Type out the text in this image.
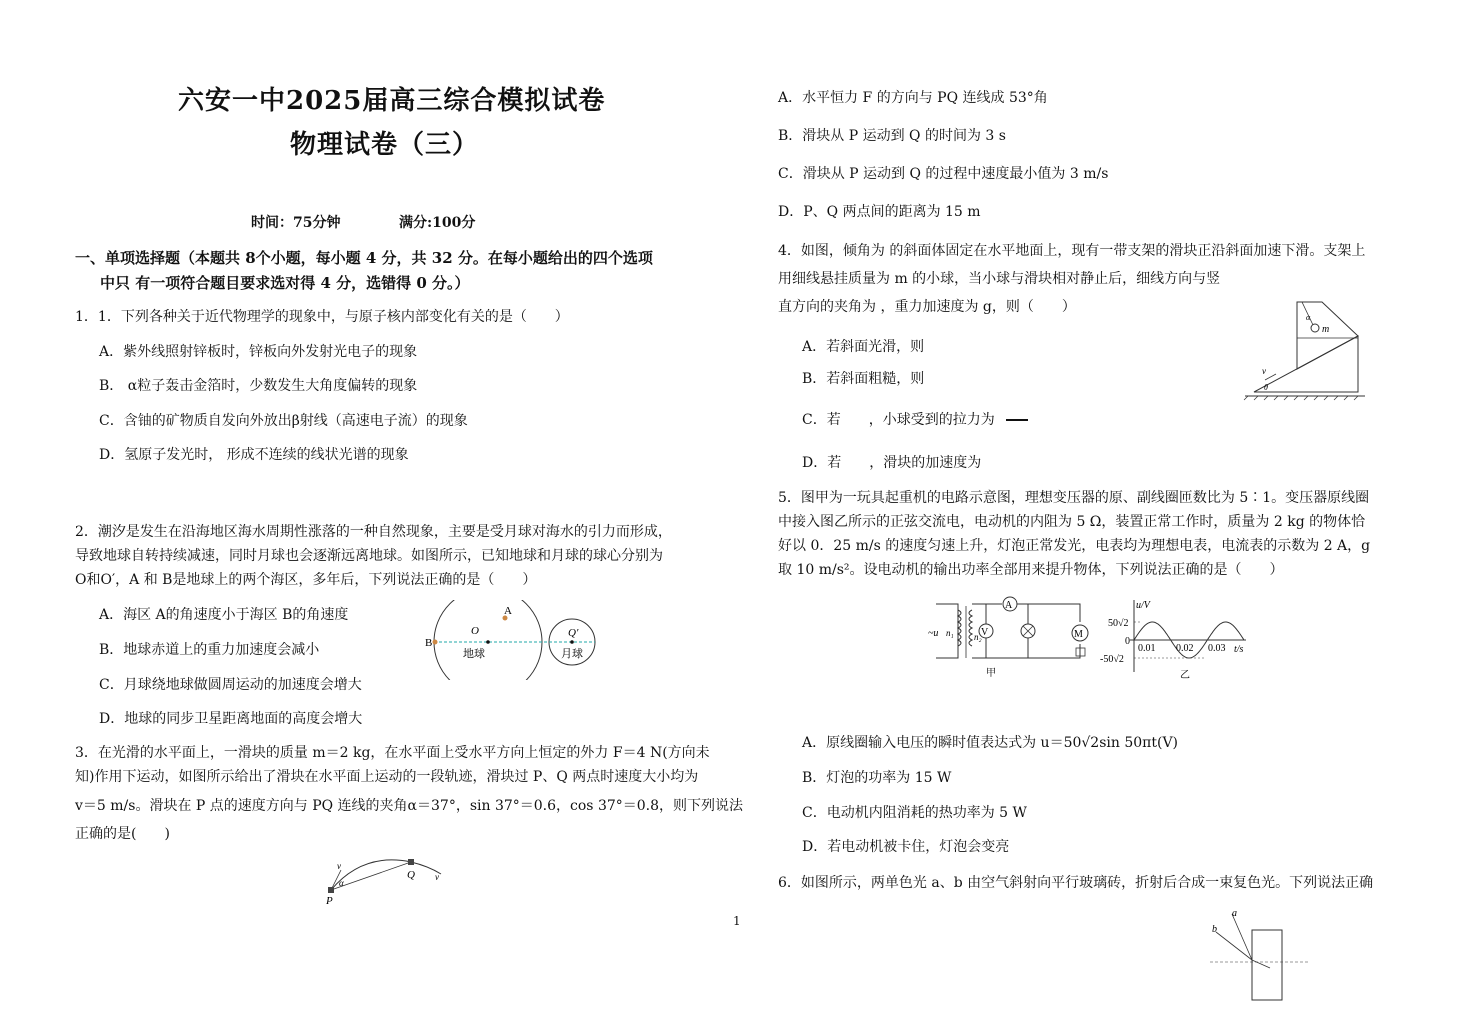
六安一中2025届高三综合模拟试卷
物理试卷（三）
时间：75分钟	满分:100分
一、单项选择题（本题共 8个小题，每小题 4 分，共 32 分。在每小题给出的四个选项
中只 有一项符合题目要求选对得 4 分，选错得 0 分。）
1．1．下列各种关于近代物理学的现象中，与原子核内部变化有关的是（　　）
A．紫外线照射锌板时，锌板向外发射光电子的现象
B． α粒子轰击金箔时，少数发生大角度偏转的现象
C．含铀的矿物质自发向外放出β射线（高速电子流）的现象
D．氢原子发光时， 形成不连续的线状光谱的现象
2．潮汐是发生在沿海地区海水周期性涨落的一种自然现象，主要是受月球对海水的引力而形成，
导致地球自转持续减速，同时月球也会逐渐远离地球。如图所示，已知地球和月球的球心分别为
O和O′，A 和 B是地球上的两个海区，多年后，下列说法正确的是（　　）
A．海区 A的角速度小于海区 B的角速度
B．地球赤道上的重力加速度会减小
C．月球绕地球做圆周运动的加速度会增大
D．地球的同步卫星距离地面的高度会增大
O	Q′
A
B
地球	月球
3．在光滑的水平面上，一滑块的质量 m＝2 kg，在水平面上受水平方向上恒定的外力 F＝4 N(方向未
知)作用下运动，如图所示给出了滑块在水平面上运动的一段轨迹，滑块过 P、Q 两点时速度大小均为
v＝5 m/s。滑块在 P 点的速度方向与 PQ 连线的夹角α＝37°，sin 37°＝0.6，cos 37°＝0.8，则下列说法
正确的是(　　)
P
Q
v
v
α
A．水平恒力 F 的方向与 PQ 连线成 53°角
B．滑块从 P 运动到 Q 的时间为 3 s
C．滑块从 P 运动到 Q 的过程中速度最小值为 3 m/s
D．P、Q 两点间的距离为 15 m
4．如图，倾角为 的斜面体固定在水平地面上，现有一带支架的滑块正沿斜面加速下滑。支架上
用细线悬挂质量为 m 的小球，当小球与滑块相对静止后，细线方向与竖
直方向的夹角为 ，重力加速度为 g，则（　　）
A．若斜面光滑，则
B．若斜面粗糙，则
C．若　　，小球受到的拉力为
D．若　　，滑块的加速度为
m
v
θ
α
5．图甲为一玩具起重机的电路示意图，理想变压器的原、副线圈匝数比为 5∶1。变压器原线圈
中接入图乙所示的正弦交流电，电动机的内阻为 5 Ω，装置正常工作时，质量为 2 kg 的物体恰
好以 0．25 m/s 的速度匀速上升，灯泡正常发光，电表均为理想电表，电流表的示数为 2 A，g
取 10 m/s²。设电动机的输出功率全部用来提升物体，下列说法正确的是（　　）
A
V	M
~u n₁ n₂
甲
u/V
t/s
50√2
-50√2
0
0.01 0.02 0.03
乙
A．原线圈输入电压的瞬时值表达式为 u＝50√2sin 50πt(V)
B．灯泡的功率为 15 W
C．电动机内阻消耗的热功率为 5 W
D．若电动机被卡住，灯泡会变亮
6．如图所示，两单色光 a、b 由空气斜射向平行玻璃砖，折射后合成一束复色光。下列说法正确
a
b
1
